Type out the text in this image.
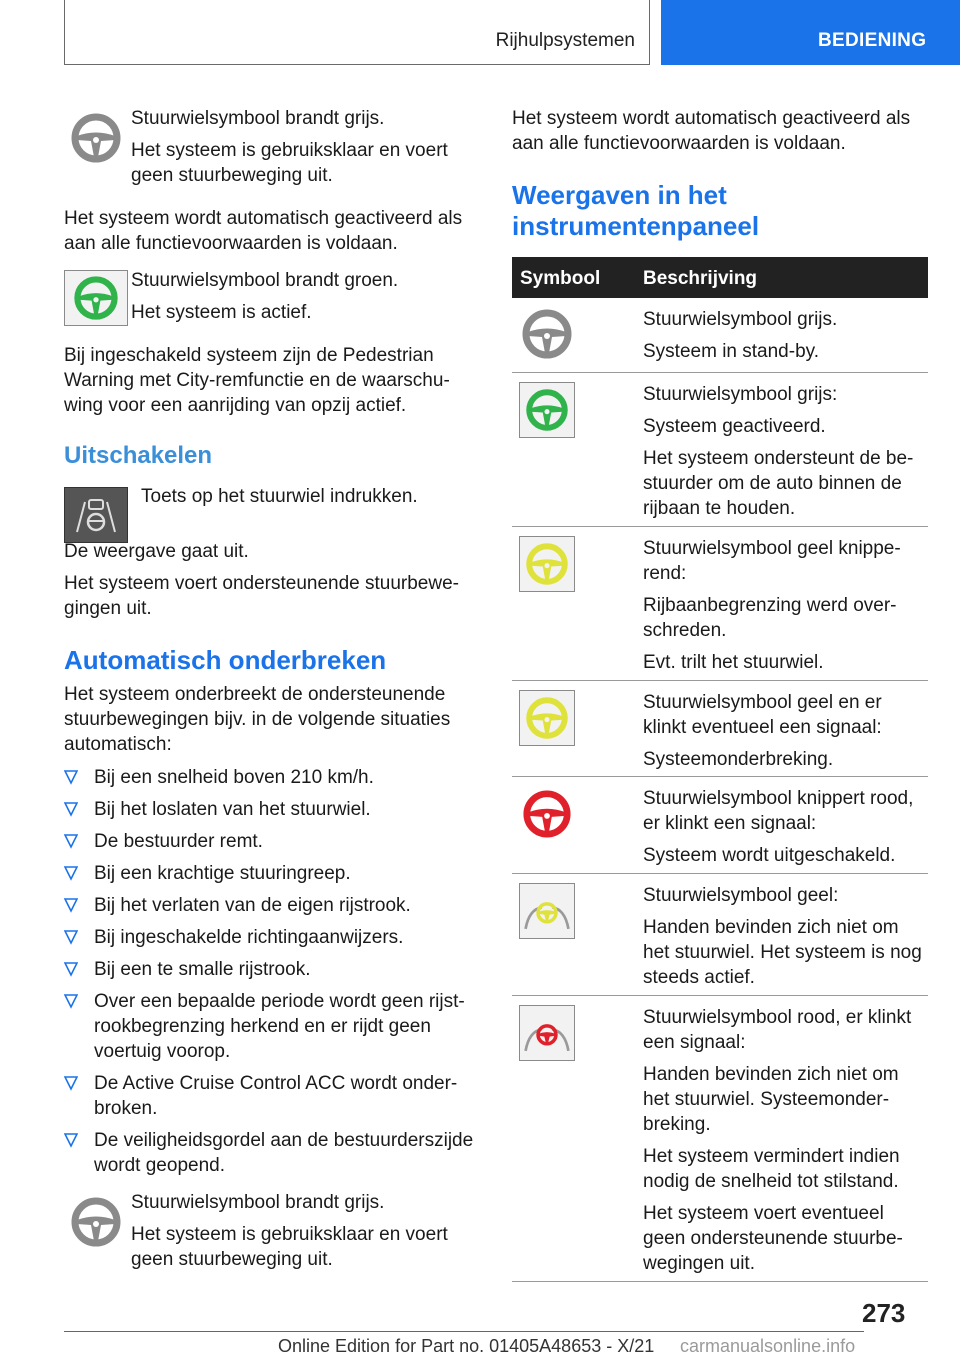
Rijhulpsystemen	BEDIENING
Stuurwielsymbool brandt grijs.
Het systeem is gebruiksklaar en voert geen stuurbeweging uit.
Het systeem wordt automatisch geactiveerd als aan alle functievoorwaarden is voldaan.
Stuurwielsymbool brandt groen.
Het systeem is actief.
Bij ingeschakeld systeem zijn de Pedestrian Warning met City-remfunctie en de waarschu-wing voor een aanrijding van opzij actief.
Uitschakelen
Toets op het stuurwiel indrukken.
De weergave gaat uit.
Het systeem voert ondersteunende stuurbewe-gingen uit.
Automatisch onderbreken
Het systeem onderbreekt de ondersteunende stuurbewegingen bijv. in de volgende situaties automatisch:
Bij een snelheid boven 210 km/h.
Bij het loslaten van het stuurwiel.
De bestuurder remt.
Bij een krachtige stuuringreep.
Bij het verlaten van de eigen rijstrook.
Bij ingeschakelde richtingaanwijzers.
Bij een te smalle rijstrook.
Over een bepaalde periode wordt geen rijst-rookbegrenzing herkend en er rijdt geen voertuig voorop.
De Active Cruise Control ACC wordt onder-broken.
De veiligheidsgordel aan de bestuurderszijde wordt geopend.
Stuurwielsymbool brandt grijs.
Het systeem is gebruiksklaar en voert geen stuurbeweging uit.
Het systeem wordt automatisch geactiveerd als aan alle functievoorwaarden is voldaan.
Weergaven in het instrumentenpaneel
Symbool Beschrijving

Stuurwielsymbool grijs.

Systeem in stand-by.

Stuurwielsymbool grijs:

Systeem geactiveerd.

Het systeem ondersteunt de be-stuurder om de auto binnen de rijbaan te houden.

Stuurwielsymbool geel knippe-rend:

Rijbaanbegrenzing werd over-schreden.

Evt. trilt het stuurwiel.

Stuurwielsymbool geel en er klinkt eventueel een signaal:

Systeemonderbreking.

Stuurwielsymbool knippert rood, er klinkt een signaal:

Systeem wordt uitgeschakeld.

Stuurwielsymbool geel:

Handen bevinden zich niet om het stuurwiel. Het systeem is nog steeds actief.

Stuurwielsymbool rood, er klinkt een signaal:

Handen bevinden zich niet om het stuurwiel. Systeemonder-breking.

Het systeem vermindert indien nodig de snelheid tot stilstand.

Het systeem voert eventueel geen ondersteunende stuurbe-wegingen uit.

273
Online Edition for Part no. 01405A48653 - X/21 carmanualsonline.info
